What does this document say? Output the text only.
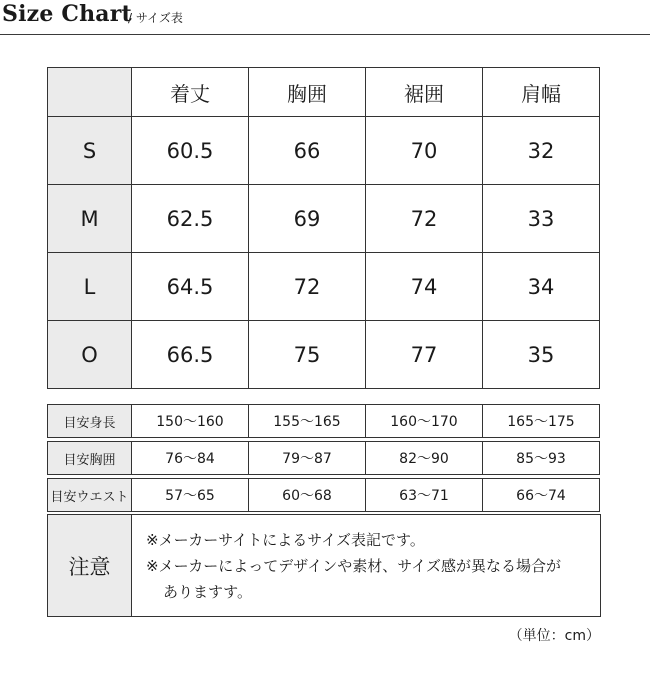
Size Chart
/ サイズ表
	着丈	胸囲	裾囲	肩幅
S	60.5	66	70	32
M	62.5	69	72	33
L	64.5	72	74	34
O	66.5	75	77	35
目安身長	150〜160	155〜165	160〜170	165〜175
目安胸囲	76〜84	79〜87	82〜90	85〜93
目安ウエスト	57〜65	60〜68	63〜71	66〜74
注意	
※メーカーサイトによるサイズ表記です。
※メーカーによってデザインや素材、サイズ感が異なる場合が
ありますす。
（単位：cm）
